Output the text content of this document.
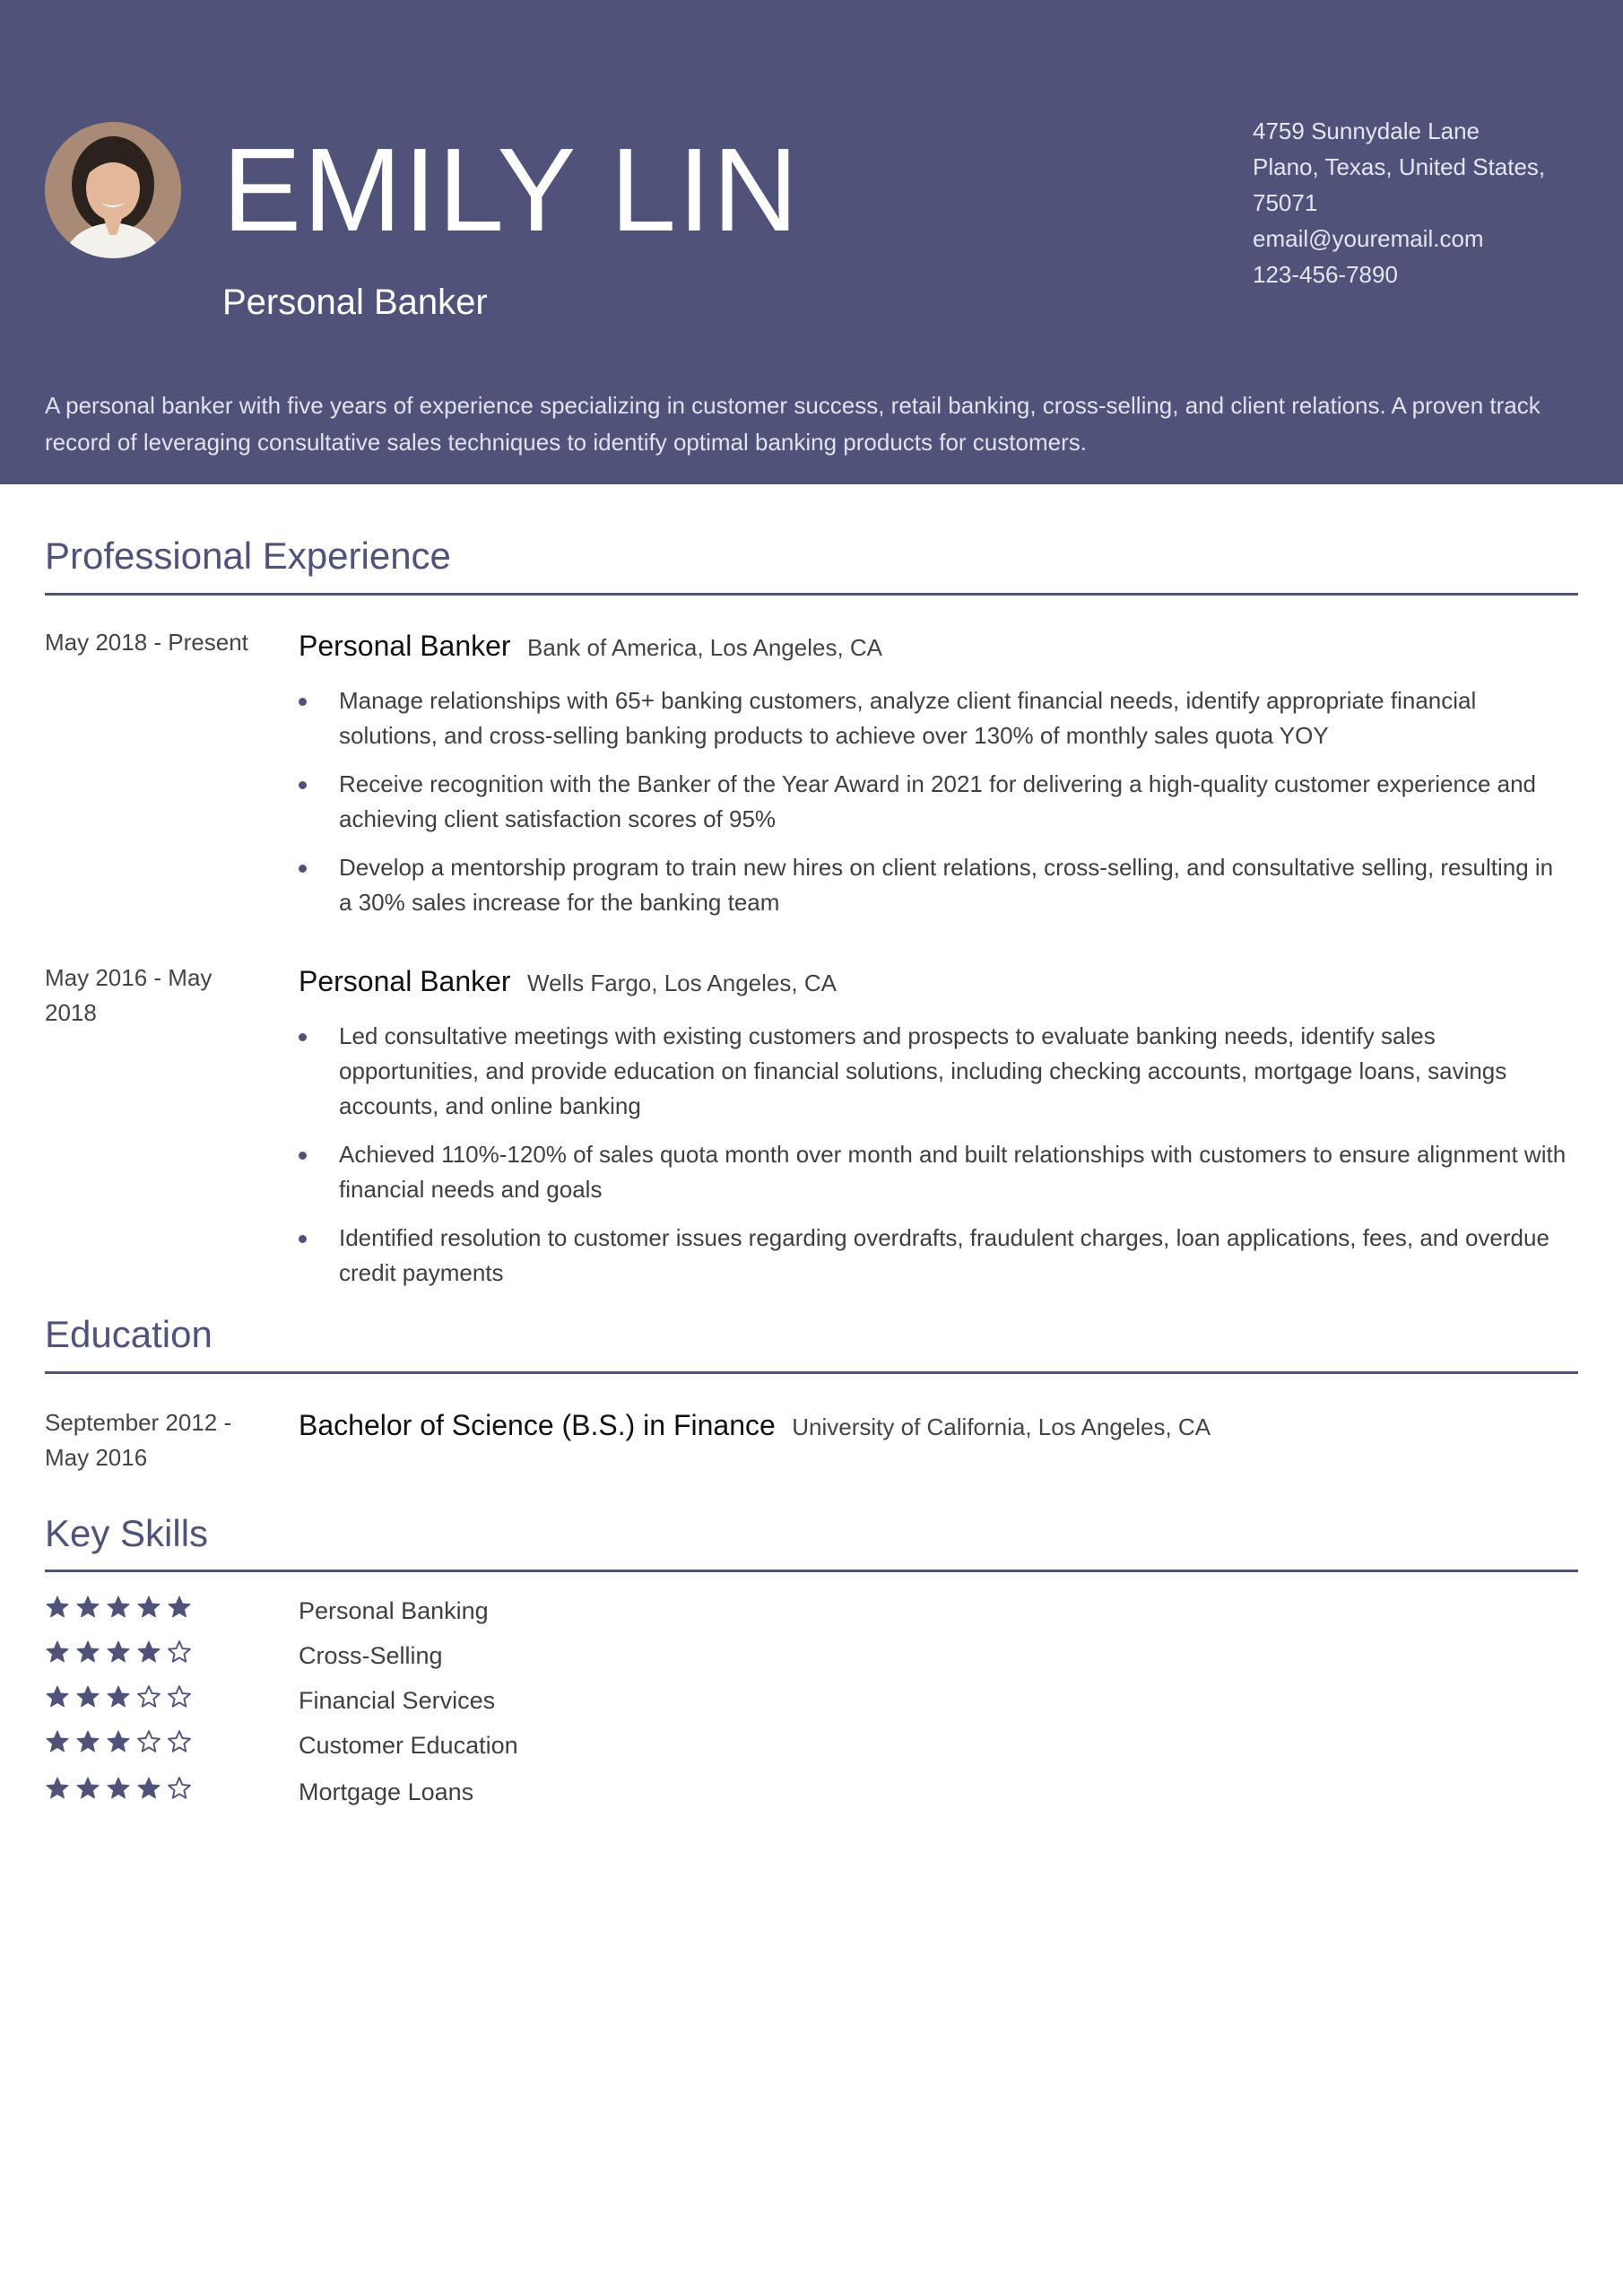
EMILY LIN
Personal Banker
4759 Sunnydale Lane
Plano, Texas, United States,
75071
email@youremail.com
123-456-7890
A personal banker with five years of experience specializing in customer success, retail banking, cross-selling, and client relations. A proven track record of leveraging consultative sales techniques to identify optimal banking products for customers.
Professional Experience
May 2018 - Present	Personal Banker Bank of America, Los Angeles, CA
Manage relationships with 65+ banking customers, analyze client financial needs, identify appropriate financial solutions, and cross-selling banking products to achieve over 130% of monthly sales quota YOY
Receive recognition with the Banker of the Year Award in 2021 for delivering a high-quality customer experience and achieving client satisfaction scores of 95%
Develop a mentorship program to train new hires on client relations, cross-selling, and consultative selling, resulting in a 30% sales increase for the banking team
May 2016 - May 2018
Personal Banker Wells Fargo, Los Angeles, CA
Led consultative meetings with existing customers and prospects to evaluate banking needs, identify sales opportunities, and provide education on financial solutions, including checking accounts, mortgage loans, savings accounts, and online banking
Achieved 110%-120% of sales quota month over month and built relationships with customers to ensure alignment with financial needs and goals
Identified resolution to customer issues regarding overdrafts, fraudulent charges, loan applications, fees, and overdue credit payments
Education
September 2012 -
May 2016
Bachelor of Science (B.S.) in Finance University of California, Los Angeles, CA
Key Skills
Personal Banking
Cross-Selling
Financial Services
Customer Education
Mortgage Loans
